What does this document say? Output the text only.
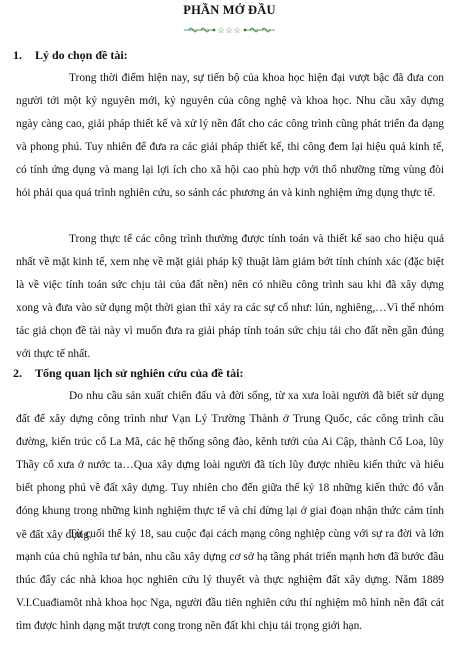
PHẦN MỞ ĐẦU
☆☆☆
1. Lý do chọn đề tài:

Trong thời điểm hiện nay, sự tiến bộ của khoa học hiện đại vượt bậc đã đưa con người tới một kỷ nguyên mới, kỷ nguyên của công nghệ và khoa học. Nhu cầu xây dựng ngày càng cao, giải pháp thiết kế và xử lý nền đất cho các công trình cũng phát triển đa dạng và phong phú. Tuy nhiên để đưa ra các giải pháp thiết kế, thi công đem lại hiệu quả kinh tế, có tính ứng dụng và mang lại lợi ích cho xã hội cao phù hợp với thổ nhưỡng từng vùng đòi hỏi phải qua quá trình nghiên cứu, so sánh các phương án và kinh nghiệm ứng dụng thực tế.

Trong thực tế các công trình thường được tính toán và thiết kế sao cho hiệu quả nhất về mặt kinh tế, xem nhẹ về mặt giải pháp kỹ thuật làm giảm bớt tính chính xác (đặc biệt là về việc tính toán sức chịu tải của đất nền) nên có nhiều công trình sau khi đã xây dựng xong và đưa vào sử dụng một thời gian thì xảy ra các sự cố như: lún, nghiêng,…Vì thế nhóm tác giả chọn đề tài này vì muốn đưa ra giải pháp tính toán sức chịu tải cho đất nền gần đúng với thực tế nhất.

2. Tổng quan lịch sử nghiên cứu của đề tài:

Do nhu cầu sản xuất chiến đấu và đời sống, từ xa xưa loài người đã biết sử dụng đất để xây dựng công trình như Vạn Lý Trường Thành ở Trung Quốc, các công trình cầu đường, kiến trúc cổ La Mã, các hệ thống sông đào, kênh tưới của Ai Cập, thành Cổ Loa, lũy Thầy cổ xưa ở nước ta…Qua xây dựng loài người đã tích lũy được nhiều kiến thức và hiểu biết phong phú về đất xây dựng. Tuy nhiên cho đến giữa thế kỷ 18 những kiến thức đó vẫn đóng khung trong những kinh nghiệm thực tế và chỉ dừng lại ở giai đoạn nhận thức cảm tính về đất xây dựng.

Từ cuối thế kỷ 18, sau cuộc đại cách mạng công nghiệp cùng với sự ra đời và lớn mạnh của chủ nghĩa tư bản, nhu cầu xây dựng cơ sở hạ tầng phát triển mạnh hơn đã bước đầu thúc đẩy các nhà khoa học nghiên cứu lý thuyết và thực nghiệm đất xây dựng. Năm 1889 V.I.Cuađiamôt nhà khoa học Nga, người đầu tiên nghiên cứu thí nghiệm mô hình nền đất cát tìm được hình dạng mặt trượt cong trong nền đất khi chịu tải trọng giới hạn.
